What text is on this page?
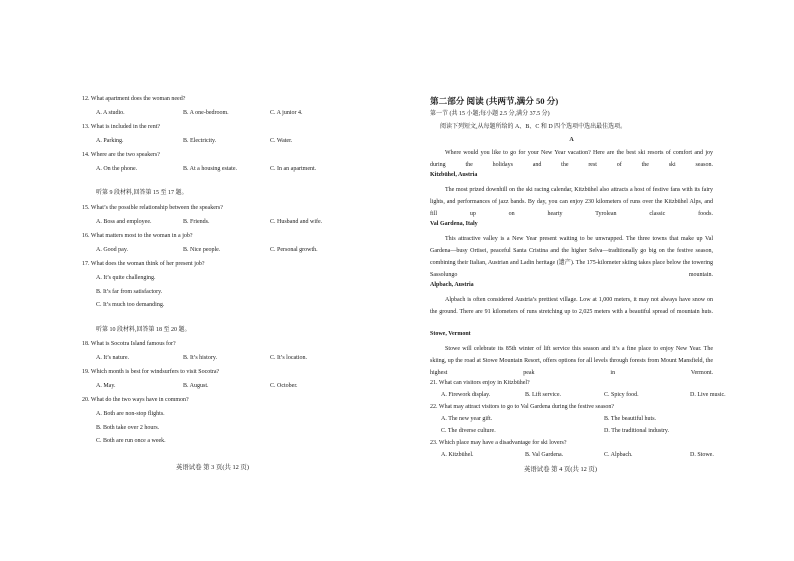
12. What apartment does the woman need?
A. A studio.	B. A one-bedroom.	C. A junior 4.
13. What is included in the rent?
A. Parking.	B. Electricity.	C. Water.
14. Where are the two speakers?
A. On the phone.	B. At a housing estate.	C. In an apartment.
听第 9 段材料,回答第 15 至 17 题。
15. What’s the possible relationship between the speakers?
A. Boss and employee.	B. Friends.	C. Husband and wife.
16. What matters most to the woman in a job?
A. Good pay.	B. Nice people.	C. Personal growth.
17. What does the woman think of her present job?
A. It’s quite challenging.
B. It’s far from satisfactory.
C. It’s much too demanding.
听第 10 段材料,回答第 18 至 20 题。
18. What is Socotra Island famous for?
A. It’s nature.	B. It’s history.	C. It’s location.
19. Which month is best for windsurfers to visit Socotra?
A. May.	B. August.	C. October.
20. What do the two ways have in common?
A. Both are non-stop flights.
B. Both take over 2 hours.
C. Both are run once a week.
英语试卷 第 3 页(共 12 页)
第二部分 阅读 (共两节,满分 50 分)
第一节 (共 15 小题;每小题 2.5 分,满分 37.5 分)
阅读下列短文,从每题所给的 A、B、C 和 D 四个选项中选出最佳选项。
A
Where would you like to go for your New Year vacation? Here are the best ski resorts of comfort and joy during the holidays and the rest of the ski season.
Kitzbühel, Austria
The most prized downhill on the ski racing calendar, Kitzbühel also attracts a host of festive fans with its fairy lights, and performances of jazz bands. By day, you can enjoy 230 kilometers of runs over the Kitzbühel Alps, and fill up on hearty Tyrolean classic foods.
Val Gardena, Italy
This attractive valley is a New Year present waiting to be unwrapped. The three towns that make up Val Gardena—busy Ortisei, peaceful Santa Cristina and the higher Selva—traditionally go big on the festive season, combining their Italian, Austrian and Ladin heritage (遗产). The 175-kilometer skiing takes place below the towering Sassolungo mountain.
Alpbach, Austria
Alpbach is often considered Austria’s prettiest village. Low at 1,000 meters, it may not always have snow on the ground. There are 91 kilometers of runs stretching up to 2,025 meters with a beautiful spread of mountain huts.
Stowe, Vermont
Stowe will celebrate its 85th winter of lift service this season and it’s a fine place to enjoy New Year. The skiing, up the road at Stowe Mountain Resort, offers options for all levels through forests from Mount Mansfield, the highest peak in Vermont.
21. What can visitors enjoy in Kitzbühel?
A. Firework display.	B. Lift service.	C. Spicy food.	D. Live music.
22. What may attract visitors to go to Val Gardena during the festive season?
A. The new year gift.	B. The beautiful huts.
C. The diverse culture.	D. The traditional industry.
23. Which place may have a disadvantage for ski lovers?
A. Kitzbühel.	B. Val Gardena.	C. Alpbach.	D. Stowe.
英语试卷 第 4 页(共 12 页)
